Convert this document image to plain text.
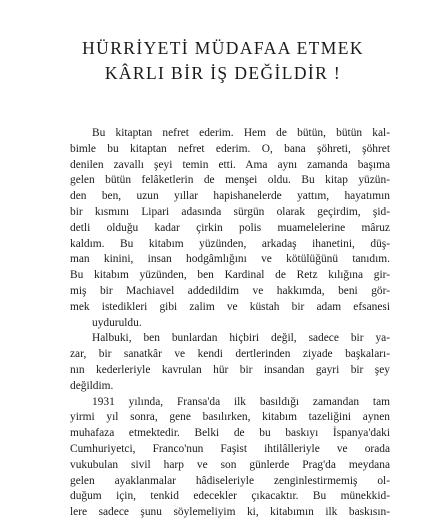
HÜRRİYETİ MÜDAFAA ETMEK
KÂRLI BİR İŞ DEĞİLDİR !
Bu kitaptan nefret ederim. Hem de bütün, bütün kal-
bimle bu kitaptan nefret ederim. O, bana şöhreti, şöhret
denilen zavallı şeyi temin etti. Ama aynı zamanda başıma
gelen bütün felâketlerin de menşei oldu. Bu kitap yüzün-
den ben, uzun yıllar hapishanelerde yattım, hayatımın
bir kısmını Lipari adasında sürgün olarak geçirdim, şid-
detli olduğu kadar çirkin polis muamelelerine mâruz
kaldım. Bu kitabım yüzünden, arkadaş ihanetini, düş-
man kinini, insan hodgâmlığını ve kötülüğünü tanıdım.
Bu kitabım yüzünden, ben Kardinal de Retz kılığına gir-
miş bir Machiavel addedildim ve hakkımda, beni gör-
mek istedikleri gibi zalim ve küstah bir adam efsanesi
uyduruldu.
Halbuki, ben bunlardan hiçbiri değil, sadece bir ya-
zar, bir sanatkâr ve kendi dertlerinden ziyade başkaları-
nın kederleriyle kavrulan hür bir insandan gayri bir şey
değildim.
1931 yılında, Fransa'da ilk basıldığı zamandan tam
yirmi yıl sonra, gene basılırken, kitabım tazeliğini aynen
muhafaza etmektedir. Belki de bu baskıyı İspanya'daki
Cumhuriyetci, Franco'nun Faşist ihtilâlleriyle ve orada
vukubulan sivil harp ve son günlerde Prag'da meydana
gelen ayaklanmalar hâdiseleriyle zenginlestirmemiş ol-
duğum için, tenkid edecekler çıkacaktır. Bu münekkid-
lere sadece şunu söylemeliyim ki, kitabımın ilk baskısın-
